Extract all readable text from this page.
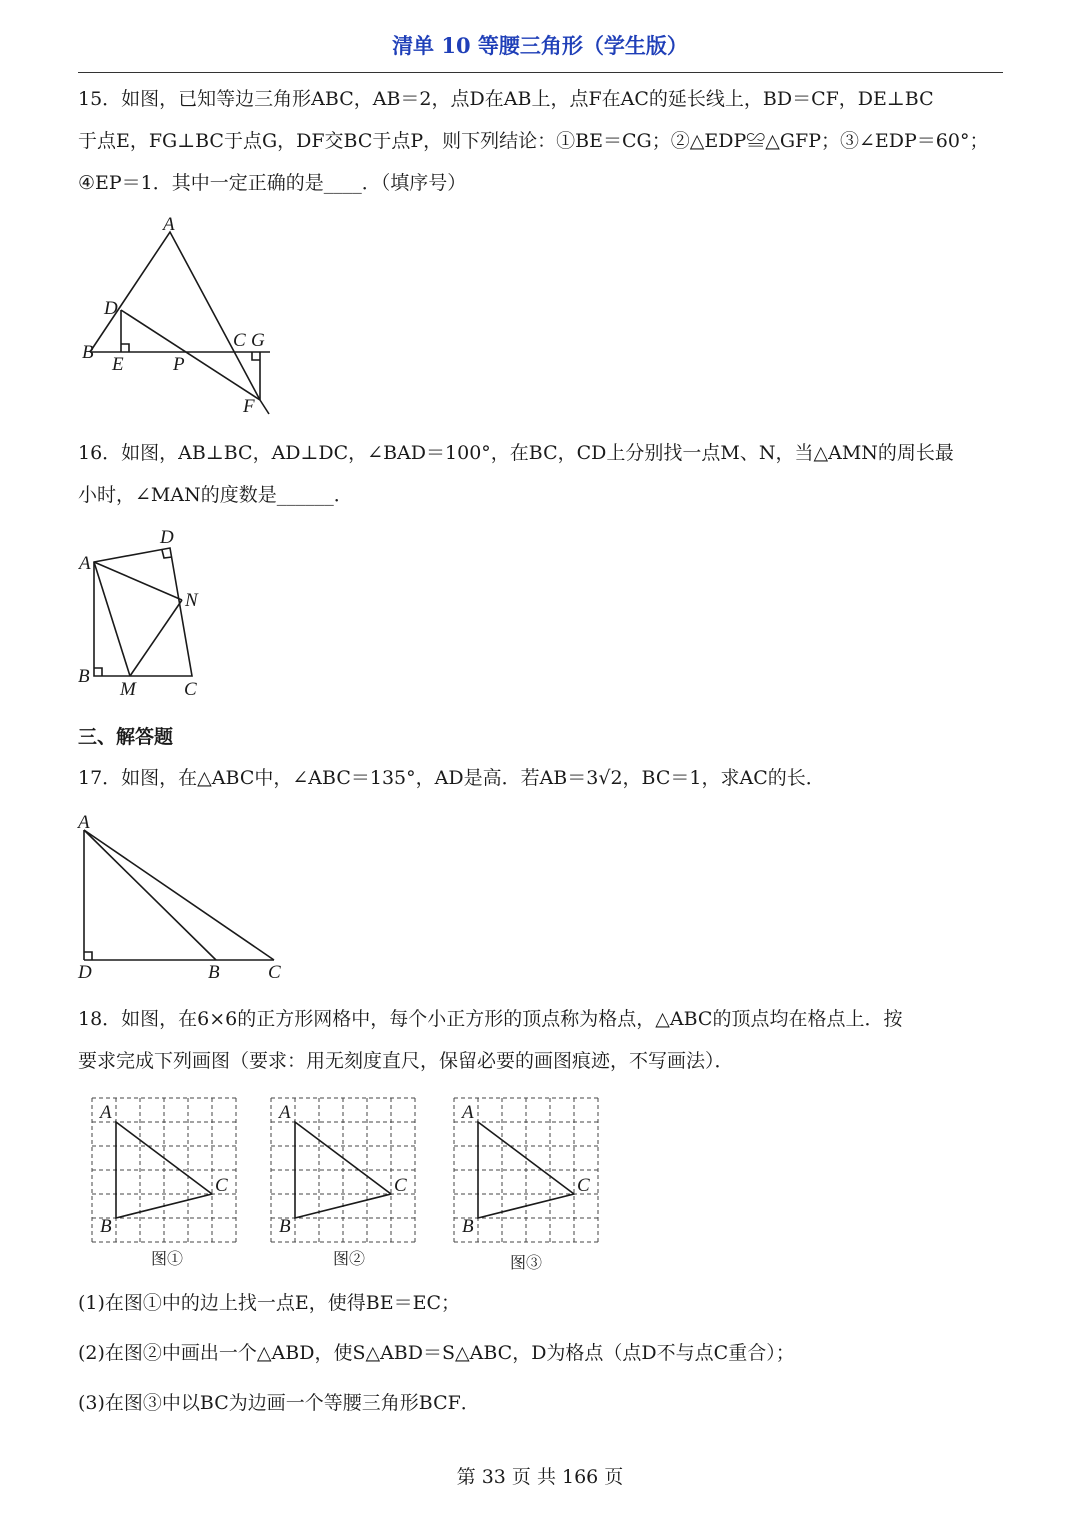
清单 10 等腰三角形（学生版）
15．如图，已知等边三角形ABC，AB＝2，点D在AB上，点F在AC的延长线上，BD＝CF，DE⊥BC
于点E，FG⊥BC于点G，DF交BC于点P，则下列结论：①BE＝CG；②△EDP≌△GFP；③∠EDP＝60°；
④EP＝1．其中一定正确的是____．（填序号）
A
D
B
E	P
C G
F
16．如图，AB⊥BC，AD⊥DC，∠BAD＝100°，在BC，CD上分别找一点M、N，当△AMN的周长最
小时，∠MAN的度数是______．
A
D
N
B
M	C
三、解答题
17．如图，在△ABC中，∠ABC＝135°，AD是高．若AB＝3√2，BC＝1，求AC的长．
A
D	B	C
18．如图，在6×6的正方形网格中，每个小正方形的顶点称为格点，△ABC的顶点均在格点上．按
要求完成下列画图（要求：用无刻度直尺，保留必要的画图痕迹，不写画法）．
A
C
B
图①
A
C
B
图②
A
C
B
图③
(1)在图①中的边上找一点E，使得BE＝EC；
(2)在图②中画出一个△ABD，使S△ABD＝S△ABC，D为格点（点D不与点C重合）；
(3)在图③中以BC为边画一个等腰三角形BCF．
第 33 页 共 166 页
